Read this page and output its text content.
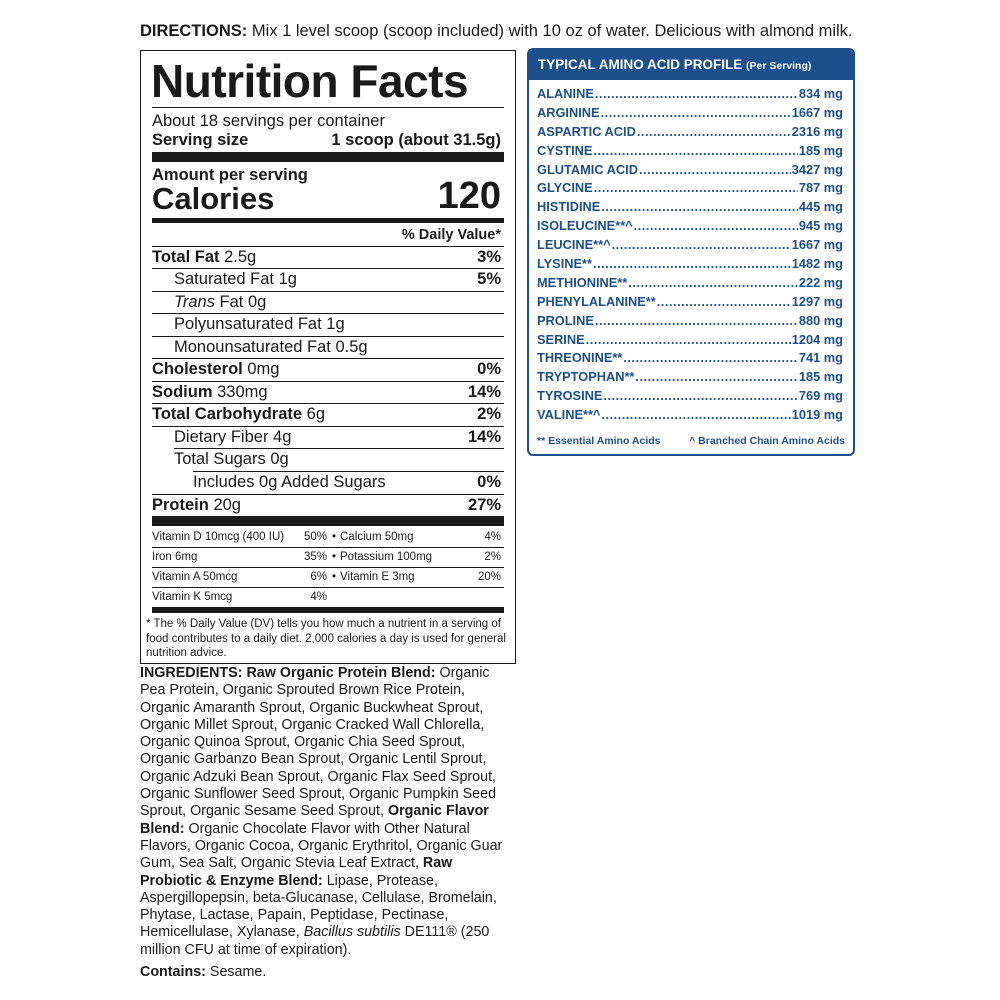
DIRECTIONS: Mix 1 level scoop (scoop included) with 10 oz of water. Delicious with almond milk.
Nutrition Facts
About 18 servings per container
Serving size	1 scoop (about 31.5g)
Amount per serving
Calories	120
% Daily Value*
Total Fat 2.5g	3%
Saturated Fat 1g	5%
Trans Fat 0g
Polyunsaturated Fat 1g
Monounsaturated Fat 0.5g
Cholesterol 0mg	0%
Sodium 330mg	14%
Total Carbohydrate 6g	2%
Dietary Fiber 4g	14%
Total Sugars 0g
Includes 0g Added Sugars	0%
Protein 20g	27%
Vitamin D 10mcg (400 IU)	50% • Calcium 50mg	4%
Iron 6mg	35% • Potassium 100mg	2%
Vitamin A 50mcg	6% • Vitamin E 3mg	20%
Vitamin K 5mcg	4%
* The % Daily Value (DV) tells you how much a nutrient in a serving of food contributes to a daily diet. 2,000 calories a day is used for general nutrition advice.
INGREDIENTS: Raw Organic Protein Blend: Organic Pea Protein, Organic Sprouted Brown Rice Protein, Organic Amaranth Sprout, Organic Buckwheat Sprout, Organic Millet Sprout, Organic Cracked Wall Chlorella, Organic Quinoa Sprout, Organic Chia Seed Sprout, Organic Garbanzo Bean Sprout, Organic Lentil Sprout, Organic Adzuki Bean Sprout, Organic Flax Seed Sprout, Organic Sunflower Seed Sprout, Organic Pumpkin Seed Sprout, Organic Sesame Seed Sprout, Organic Flavor Blend: Organic Chocolate Flavor with Other Natural Flavors, Organic Cocoa, Organic Erythritol, Organic Guar Gum, Sea Salt, Organic Stevia Leaf Extract, Raw Probiotic & Enzyme Blend: Lipase, Protease, Aspergillopepsin, beta-Glucanase, Cellulase, Bromelain, Phytase, Lactase, Papain, Peptidase, Pectinase, Hemicellulase, Xylanase, Bacillus subtilis DE111® (250 million CFU at time of expiration).
Contains: Sesame.
TYPICAL AMINO ACID PROFILE (Per Serving)
ALANINE .....	834 mg
ARGININE .....	1667 mg
ASPARTIC ACID .....	2316 mg
CYSTINE .....	185 mg
GLUTAMIC ACID .....	3427 mg
GLYCINE .....	787 mg
HISTIDINE .....	445 mg
ISOLEUCINE**^ .....	945 mg
LEUCINE**^ .....	1667 mg
LYSINE** .....	1482 mg
METHIONINE** .....	222 mg
PHENYLALANINE** .....	1297 mg
PROLINE .....	880 mg
SERINE .....	1204 mg
THREONINE** .....	741 mg
TRYPTOPHAN** .....	185 mg
TYROSINE .....	769 mg
VALINE**^ .....	1019 mg
** Essential Amino Acids	^ Branched Chain Amino Acids
